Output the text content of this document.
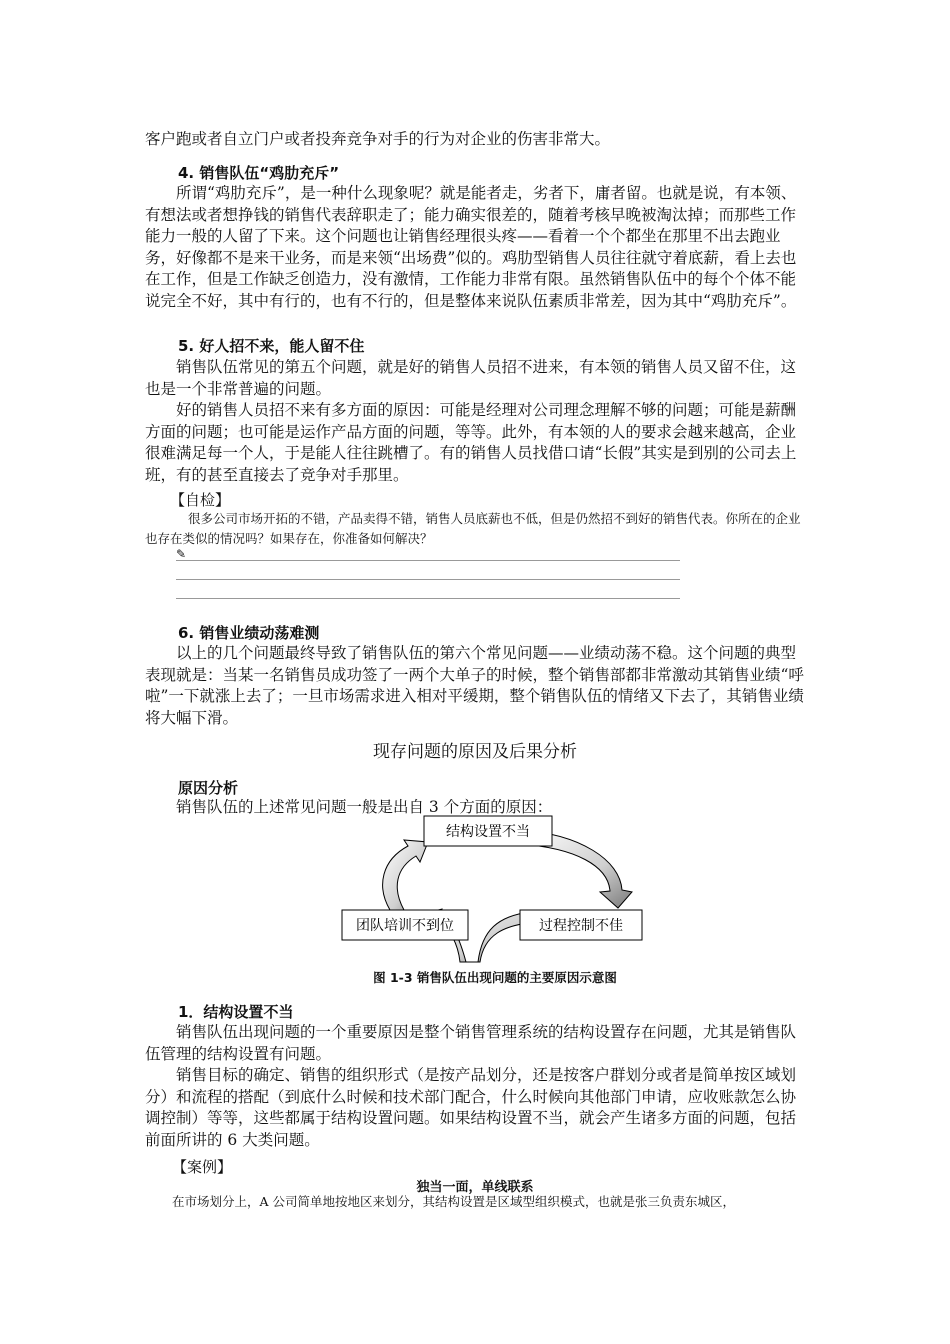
客户跑或者自立门户或者投奔竞争对手的行为对企业的伤害非常大。

4. 销售队伍“鸡肋充斥”

所谓“鸡肋充斥”，是一种什么现象呢？就是能者走，劣者下，庸者留。也就是说，有本领、有想法或者想挣钱的销售代表辞职走了；能力确实很差的，随着考核早晚被淘汰掉；而那些工作能力一般的人留了下来。这个问题也让销售经理很头疼——看着一个个都坐在那里不出去跑业务，好像都不是来干业务，而是来领“出场费”似的。鸡肋型销售人员往往就守着底薪，看上去也在工作，但是工作缺乏创造力，没有激情，工作能力非常有限。虽然销售队伍中的每个个体不能说完全不好，其中有行的，也有不行的，但是整体来说队伍素质非常差，因为其中“鸡肋充斥”。

5. 好人招不来，能人留不住

销售队伍常见的第五个问题，就是好的销售人员招不进来，有本领的销售人员又留不住，这也是一个非常普遍的问题。

好的销售人员招不来有多方面的原因：可能是经理对公司理念理解不够的问题；可能是薪酬方面的问题；也可能是运作产品方面的问题，等等。此外，有本领的人的要求会越来越高，企业很难满足每一个人，于是能人往往跳槽了。有的销售人员找借口请“长假”其实是到别的公司去上班，有的甚至直接去了竞争对手那里。

【自检】

很多公司市场开拓的不错，产品卖得不错，销售人员底薪也不低，但是仍然招不到好的销售代表。你所在的企业也存在类似的情况吗？如果存在，你准备如何解决？

✎

6. 销售业绩动荡难测

以上的几个问题最终导致了销售队伍的第六个常见问题——业绩动荡不稳。这个问题的典型表现就是：当某一名销售员成功签了一两个大单子的时候，整个销售部都非常激动其销售业绩“呼啦”一下就涨上去了；一旦市场需求进入相对平缓期，整个销售队伍的情绪又下去了，其销售业绩将大幅下滑。

现存问题的原因及后果分析

原因分析

销售队伍的上述常见问题一般是出自 3 个方面的原因：

结构设置不当
团队培训不到位	过程控制不佳

图 1-3 销售队伍出现问题的主要原因示意图

1．结构设置不当

销售队伍出现问题的一个重要原因是整个销售管理系统的结构设置存在问题，尤其是销售队伍管理的结构设置有问题。

销售目标的确定、销售的组织形式（是按产品划分，还是按客户群划分或者是简单按区域划分）和流程的搭配（到底什么时候和技术部门配合，什么时候向其他部门申请，应收账款怎么协调控制）等等，这些都属于结构设置问题。如果结构设置不当，就会产生诸多方面的问题，包括前面所讲的 6 大类问题。

【案例】

独当一面，单线联系

在市场划分上，A 公司简单地按地区来划分，其结构设置是区域型组织模式，也就是张三负责东城区，
